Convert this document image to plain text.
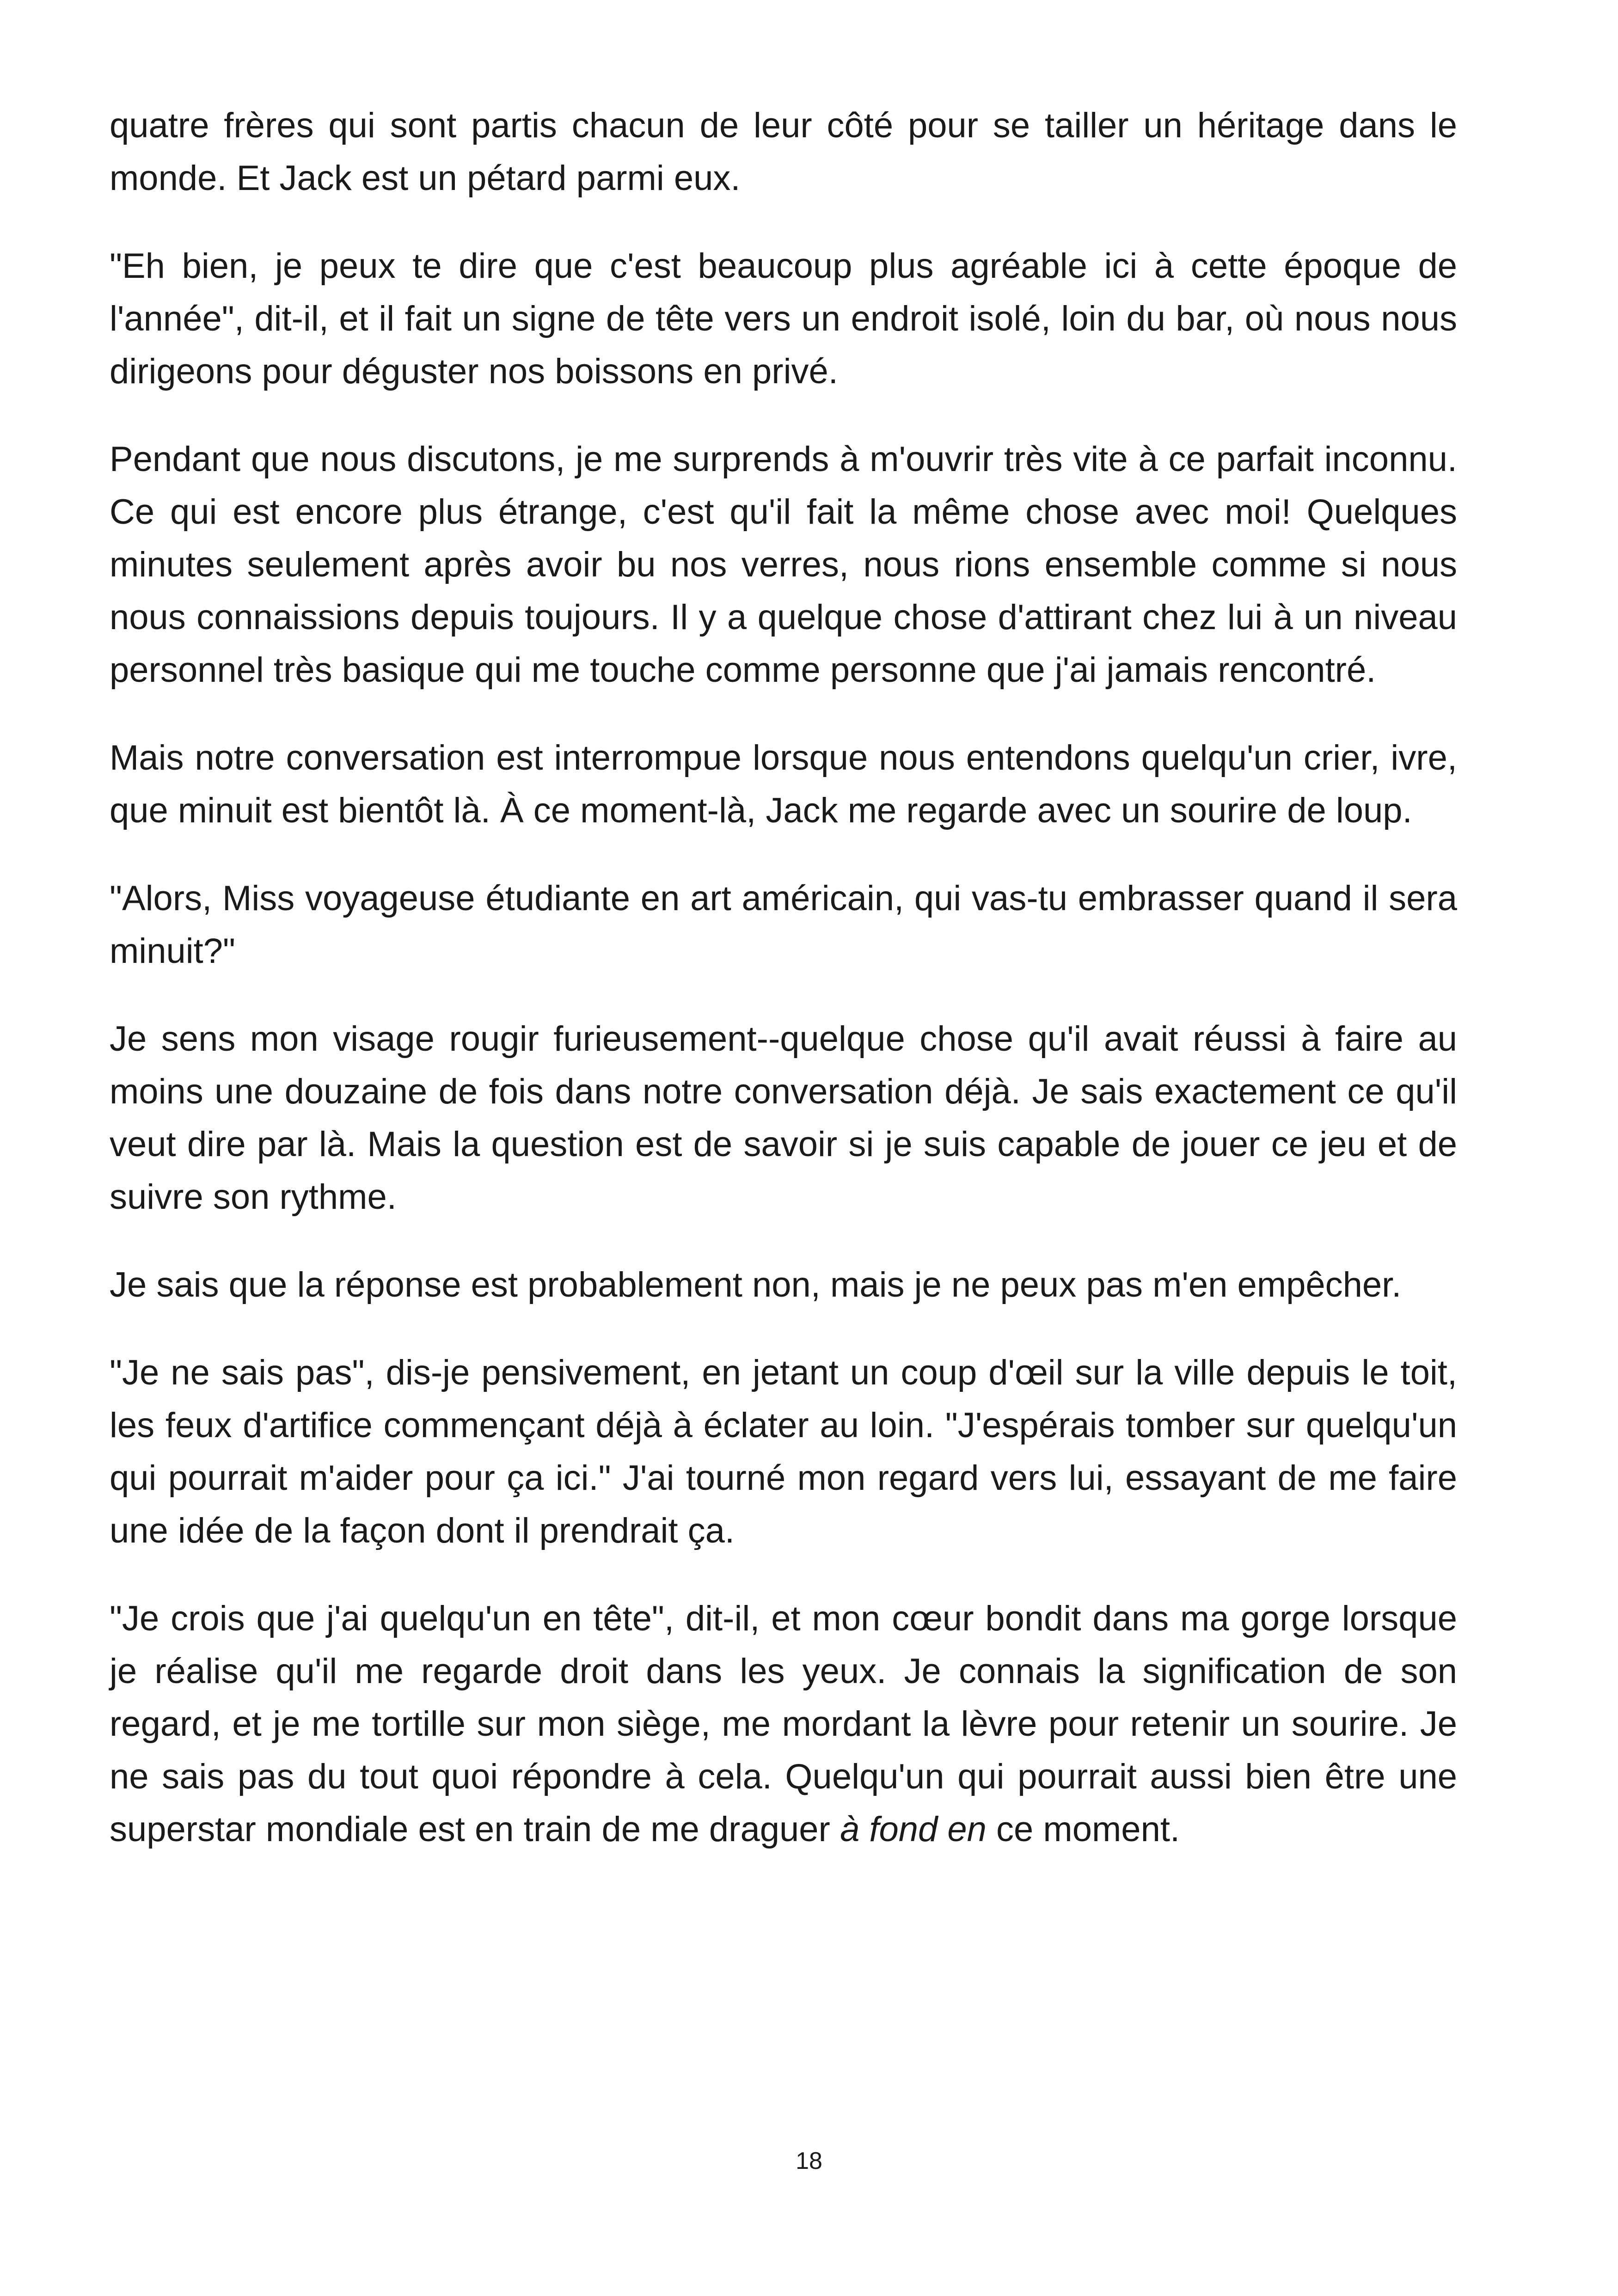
quatre frères qui sont partis chacun de leur côté pour se tailler un héritage dans le monde. Et Jack est un pétard parmi eux.

"Eh bien, je peux te dire que c'est beaucoup plus agréable ici à cette époque de l'année", dit-il, et il fait un signe de tête vers un endroit isolé, loin du bar, où nous nous dirigeons pour déguster nos boissons en privé.

Pendant que nous discutons, je me surprends à m'ouvrir très vite à ce parfait inconnu. Ce qui est encore plus étrange, c'est qu'il fait la même chose avec moi! Quelques minutes seulement après avoir bu nos verres, nous rions ensemble comme si nous nous connaissions depuis toujours. Il y a quelque chose d'attirant chez lui à un niveau personnel très basique qui me touche comme personne que j'ai jamais rencontré.

Mais notre conversation est interrompue lorsque nous entendons quelqu'un crier, ivre, que minuit est bientôt là. À ce moment-là, Jack me regarde avec un sourire de loup.

"Alors, Miss voyageuse étudiante en art américain, qui vas-tu embrasser quand il sera minuit?"

Je sens mon visage rougir furieusement--quelque chose qu'il avait réussi à faire au moins une douzaine de fois dans notre conversation déjà. Je sais exactement ce qu'il veut dire par là. Mais la question est de savoir si je suis capable de jouer ce jeu et de suivre son rythme.

Je sais que la réponse est probablement non, mais je ne peux pas m'en empêcher.

"Je ne sais pas", dis-je pensivement, en jetant un coup d'œil sur la ville depuis le toit, les feux d'artifice commençant déjà à éclater au loin. "J'espérais tomber sur quelqu'un qui pourrait m'aider pour ça ici." J'ai tourné mon regard vers lui, essayant de me faire une idée de la façon dont il prendrait ça.

"Je crois que j'ai quelqu'un en tête", dit-il, et mon cœur bondit dans ma gorge lorsque je réalise qu'il me regarde droit dans les yeux. Je connais la signification de son regard, et je me tortille sur mon siège, me mordant la lèvre pour retenir un sourire. Je ne sais pas du tout quoi répondre à cela. Quelqu'un qui pourrait aussi bien être une superstar mondiale est en train de me draguer à fond en ce moment.

18
